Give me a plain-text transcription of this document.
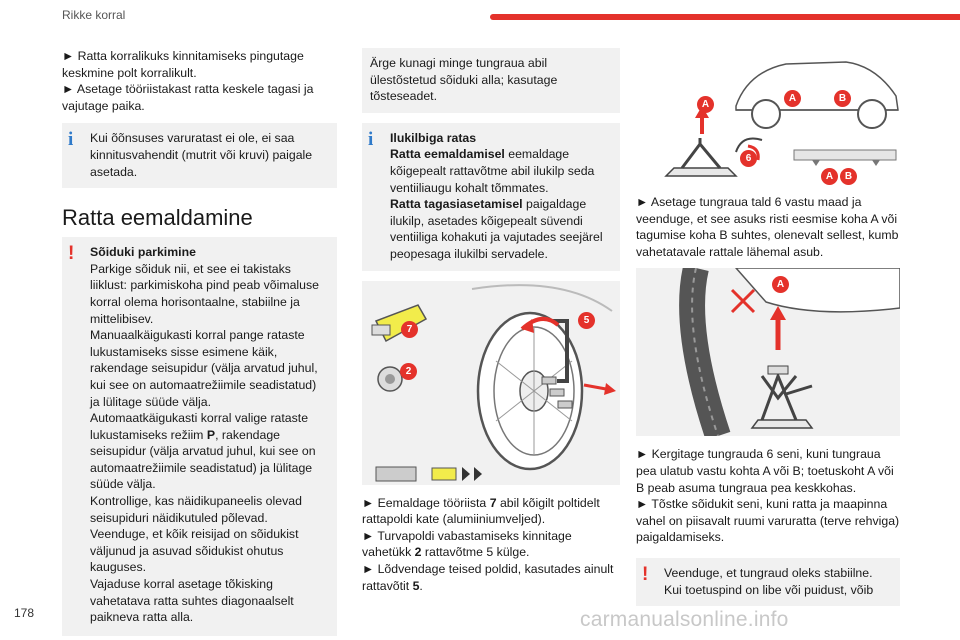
Rikke korral

► Ratta korralikuks kinnitamiseks pingutage keskmine polt korralikult.

► Asetage tööriistakast ratta keskele tagasi ja vajutage paika.

i	Kui õõnsuses varuratast ei ole, ei saa kinnitusvahendit (mutrit või kruvi) paigale asetada.
Ratta eemaldamine
!	Sõiduki parkimine
Parkige sõiduk nii, et see ei takistaks liiklust: parkimiskoha pind peab võimaluse korral olema horisontaalne, stabiilne ja mittelibisev.
Manuaalkäigukasti korral pange rataste lukustamiseks sisse esimene käik, rakendage seisupidur (välja arvatud juhul, kui see on automaatrežiimile seadistatud) ja lülitage süüde välja.
Automaatkäigukasti korral valige rataste lukustamiseks režiim P, rakendage seisupidur (välja arvatud juhul, kui see on automaatrežiimile seadistatud) ja lülitage süüde välja.
Kontrollige, kas näidikupaneelis olevad seisupiduri näidikutuled põlevad.
Veenduge, et kõik reisijad on sõidukist väljunud ja asuvad sõidukist ohutus kauguses.
Vajaduse korral asetage tõkisking vahetatava ratta suhtes diagonaalselt paikneva ratta alla.
Ärge kunagi minge tungraua abil ülestõstetud sõiduki alla; kasutage tõsteseadet.
i	Ilukilbiga ratas
Ratta eemaldamisel eemaldage kõigepealt rattavõtme abil ilukilp seda ventiiliaugu kohalt tõmmates.
Ratta tagasiasetamisel paigaldage ilukilp, asetades kõigepealt süvendi ventiiliga kohakuti ja vajutades seejärel peopesaga ilukilbi servadele.
7
2
5

► Eemaldage tööriista 7 abil kõigilt poltidelt rattapoldi kate (alumiiniumveljed).

► Turvapoldi vabastamiseks kinnitage vahetükk 2 rattavõtme 5 külge.

► Lõdvendage teised poldid, kasutades ainult rattavõtit 5.

A
A	B
6
A	B

► Asetage tungraua tald 6 vastu maad ja veenduge, et see asuks risti eesmise koha A või tagumise koha B suhtes, olenevalt sellest, kumb vahetatavale rattale lähemal asub.

A

► Kergitage tungrauda 6 seni, kuni tungraua pea ulatub vastu kohta A või B; toetuskoht A või B peab asuma tungraua pea keskkohas.

► Tõstke sõidukit seni, kuni ratta ja maapinna vahel on piisavalt ruumi varuratta (terve rehviga) paigaldamiseks.

!	Veenduge, et tungraud oleks stabiilne. Kui toetuspind on libe või puidust, võib
178	carmanualsonline.info
